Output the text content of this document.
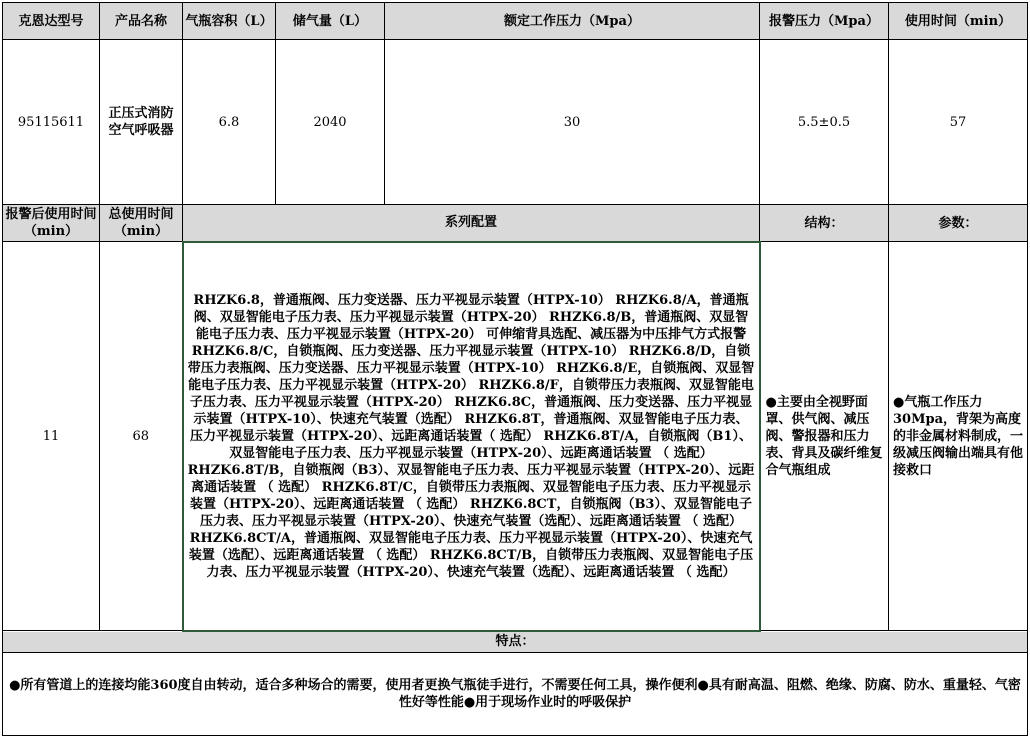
克恩达型号	产品名称	气瓶容积（L）	储气量（L）	额定工作压力（Mpa）	报警压力（Mpa）	使用时间（min）
95115611	正压式消防空气呼吸器	6.8	2040	30	5.5±0.5	57
报警后使用时间（min）	总使用时间（min）	系列配置			结构：	参数：
11	68	RHZK6.8，普通瓶阀、压力变送器、压力平视显示装置（HTPX-10） RHZK6.8/A，普通瓶阀、双显智能电子压力表、压力平视显示装置（HTPX-20） RHZK6.8/B，普通瓶阀、双显智能电子压力表、压力平视显示装置（HTPX-20） 可伸缩背具选配、减压器为中压排气方式报警RHZK6.8/C，自锁瓶阀、压力变送器、压力平视显示装置（HTPX-10） RHZK6.8/D，自锁带压力表瓶阀、压力变送器、压力平视显示装置（HTPX-10） RHZK6.8/E，自锁瓶阀、双显智能电子压力表、压力平视显示装置（HTPX-20） RHZK6.8/F，自锁带压力表瓶阀、双显智能电子压力表、压力平视显示装置（HTPX-20） RHZK6.8C，普通瓶阀、压力变送器、压力平视显示装置（HTPX-10）、快速充气装置（选配） RHZK6.8T，普通瓶阀、双显智能电子压力表、压力平视显示装置（HTPX-20）、远距离通话装置（ 选配） RHZK6.8T/A，自锁瓶阀（B1）、双显智能电子压力表、压力平视显示装置（HTPX-20）、远距离通话装置 （ 选配） RHZK6.8T/B，自锁瓶阀（B3）、双显智能电子压力表、压力平视显示装置（HTPX-20）、远距离通话装置 （ 选配） RHZK6.8T/C，自锁带压力表瓶阀、双显智能电子压力表、压力平视显示装置（HTPX-20）、远距离通话装置 （ 选配） RHZK6.8CT，自锁瓶阀（B3）、双显智能电子压力表、压力平视显示装置（HTPX-20）、快速充气装置（选配）、远距离通话装置 （ 选配） RHZK6.8CT/A，普通瓶阀、双显智能电子压力表、压力平视显示装置（HTPX-20）、快速充气装置（选配）、远距离通话装置 （ 选配） RHZK6.8CT/B，自锁带压力表瓶阀、双显智能电子压力表、压力平视显示装置（HTPX-20）、快速充气装置（选配）、远距离通话装置 （ 选配）			●主要由全视野面罩、供气阀、减压阀、警报器和压力表、背具及碳纤维复合气瓶组成	●气瓶工作压力30Mpa，背架为高度的非金属材料制成，一级减压阀输出端具有他接救口
特点：						
●所有管道上的连接均能360度自由转动，适合多种场合的需要，使用者更换气瓶徒手进行，不需要任何工具，操作便利●具有耐高温、阻燃、绝缘、防腐、防水、重量轻、气密性好等性能●用于现场作业时的呼吸保护						
